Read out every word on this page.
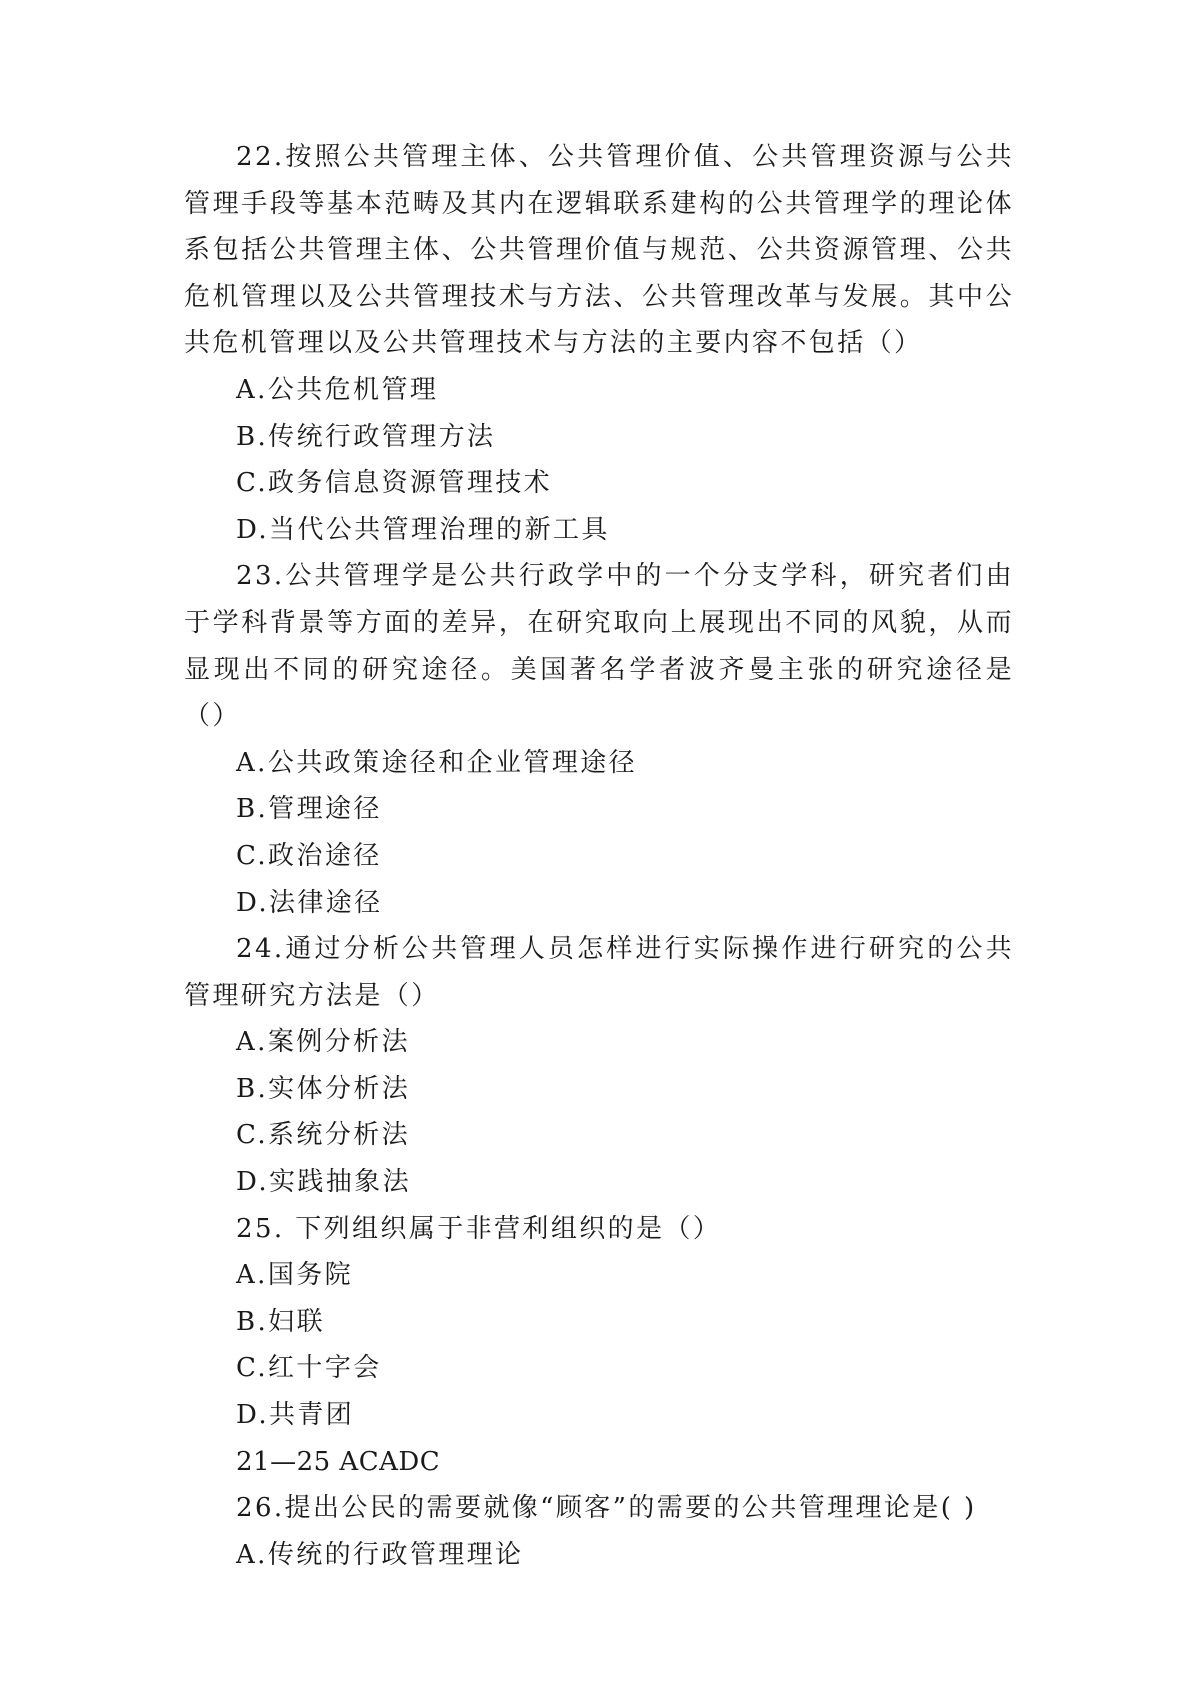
22.按照公共管理主体、公共管理价值、公共管理资源与公共管理手段等基本范畴及其内在逻辑联系建构的公共管理学的理论体系包括公共管理主体、公共管理价值与规范、公共资源管理、公共危机管理以及公共管理技术与方法、公共管理改革与发展。其中公共危机管理以及公共管理技术与方法的主要内容不包括（）

A.公共危机管理

B.传统行政管理方法

C.政务信息资源管理技术

D.当代公共管理治理的新工具

23.公共管理学是公共行政学中的一个分支学科，研究者们由于学科背景等方面的差异，在研究取向上展现出不同的风貌，从而显现出不同的研究途径。美国著名学者波齐曼主张的研究途径是（）

A.公共政策途径和企业管理途径

B.管理途径

C.政治途径

D.法律途径

24.通过分析公共管理人员怎样进行实际操作进行研究的公共管理研究方法是（）

A.案例分析法

B.实体分析法

C.系统分析法

D.实践抽象法

25. 下列组织属于非营利组织的是（）

A.国务院

B.妇联

C.红十字会

D.共青团

21—25 ACADC

26.提出公民的需要就像“顾客”的需要的公共管理理论是( )

A.传统的行政管理理论
